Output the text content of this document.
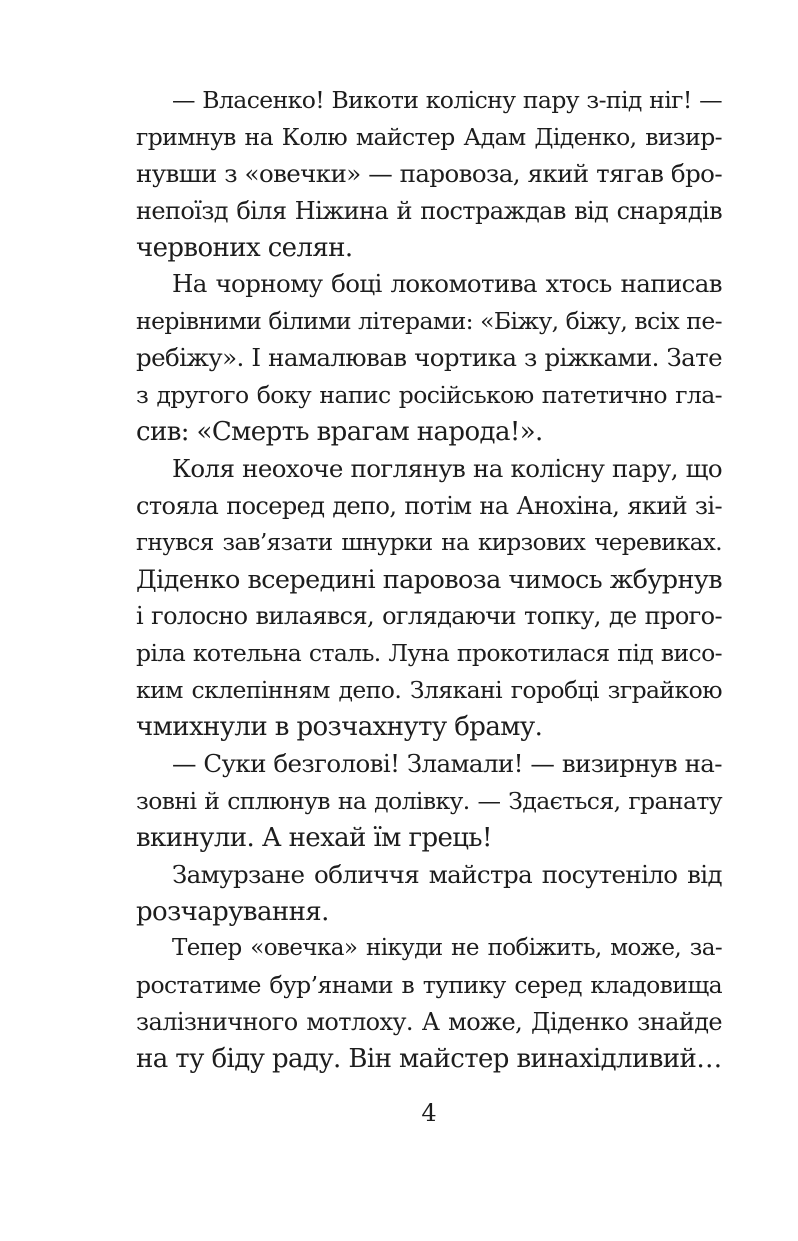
— Власенко! Викоти колісну пару з-під ніг! —
гримнув на Колю майстер Адам Діденко, визир-
нувши з «овечки» — паровоза, який тягав бро-
непоїзд біля Ніжина й постраждав від снарядів
червоних селян.
На чорному боці локомотива хтось написав
нерівними білими літерами: «Біжу, біжу, всіх пе-
ребіжу». І намалював чортика з ріжками. Зате
з другого боку напис російською патетично гла-
сив: «Смерть врагам народа!».
Коля неохоче поглянув на колісну пару, що
стояла посеред депо, потім на Анохіна, який зі-
гнувся зав’язати шнурки на кирзових черевиках.
Діденко всередині паровоза чимось жбурнув
і голосно вилаявся, оглядаючи топку, де прого-
ріла котельна сталь. Луна прокотилася під висо-
ким склепінням депо. Злякані горобці зграйкою
чмихнули в розчахнуту браму.
— Суки безголові! Зламали! — визирнув на-
зовні й сплюнув на долівку. — Здається, гранату
вкинули. А нехай їм грець!
Замурзане обличчя майстра посутеніло від
розчарування.
Тепер «овечка» нікуди не побіжить, може, за-
ростатиме бур’янами в тупику серед кладовища
залізничного мотлоху. А може, Діденко знайде
на ту біду раду. Він майстер винахідливий…
4
